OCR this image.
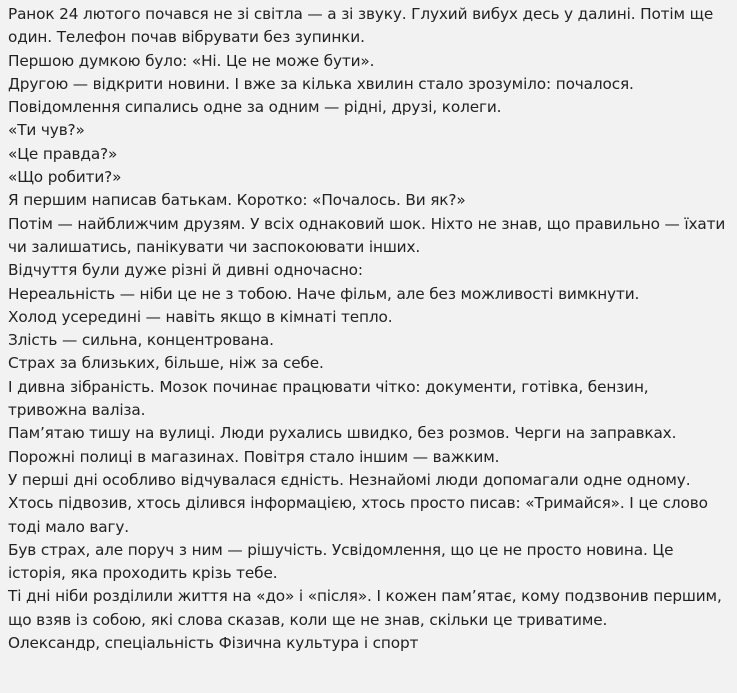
Ранок 24 лютого почався не зі світла — а зі звуку. Глухий вибух десь у далині. Потім ще один. Телефон почав вібрувати без зупинки.

Першою думкою було: «Ні. Це не може бути».

Другою — відкрити новини. І вже за кілька хвилин стало зрозуміло: почалося.

Повідомлення сипались одне за одним — рідні, друзі, колеги.

«Ти чув?»

«Це правда?»

«Що робити?»

Я першим написав батькам. Коротко: «Почалось. Ви як?»

Потім — найближчим друзям. У всіх однаковий шок. Ніхто не знав, що правильно — їхати чи залишатись, панікувати чи заспокоювати інших.

Відчуття були дуже різні й дивні одночасно:

Нереальність — ніби це не з тобою. Наче фільм, але без можливості вимкнути.

Холод усередині — навіть якщо в кімнаті тепло.

Злість — сильна, концентрована.

Страх за близьких, більше, ніж за себе.

І дивна зібраність. Мозок починає працювати чітко: документи, готівка, бензин, тривожна валіза.

Пам’ятаю тишу на вулиці. Люди рухались швидко, без розмов. Черги на заправках.

Порожні полиці в магазинах. Повітря стало іншим — важким.

У перші дні особливо відчувалася єдність. Незнайомі люди допомагали одне одному.

Хтось підвозив, хтось ділився інформацією, хтось просто писав: «Тримайся». І це слово тоді мало вагу.

Був страх, але поруч з ним — рішучість. Усвідомлення, що це не просто новина. Це історія, яка проходить крізь тебе.

Ті дні ніби розділили життя на «до» і «після». І кожен пам’ятає, кому подзвонив першим, що взяв із собою, які слова сказав, коли ще не знав, скільки це триватиме.

Олександр, спеціальність Фізична культура і спорт
